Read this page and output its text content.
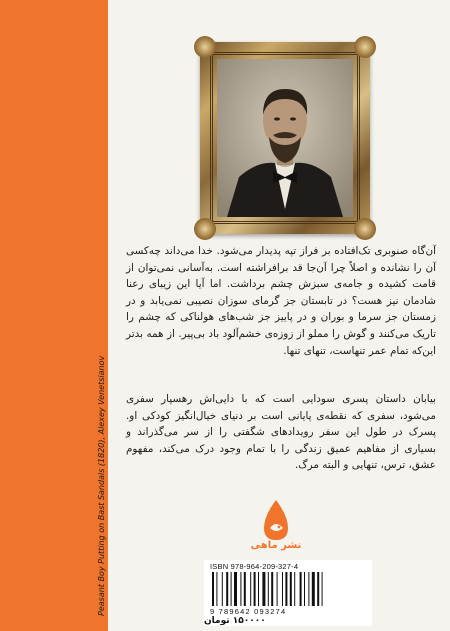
Peasant Boy Putting on Bast Sandals (1820), Alexey Venetsianov

آن‌گاه صنوبری تک‌افتاده بر فراز تپه پدیدار می‌شود. خدا می‌داند چه‌کسی آن را نشانده و اصلاً چرا آن‌جا قد برافراشته است. به‌آسانی نمی‌توان از قامت کشیده و جامه‌ی سبزش چشم برداشت. اما آیا این زیبای رعنا شادمان نیز هست؟ در تابستان جز گرمای سوزان نصیبی نمی‌یابد و در زمستان جز سرما و بوران و در پاییز جز شب‌های هولناکی که چشم را تاریک می‌کنند و گوش را مملو از زوزه‌ی خشم‌آلود باد بی‌پیر. از همه بدتر این‌که تمام عمر تنهاست، تنهای تنها.

بیابان داستان پسری سودایی است که با دایی‌اش رهسپار سفری می‌شود، سفری که نقطه‌ی پایانی است بر دنیای خیال‌انگیز کودکی او. پسرک در طول این سفر رویدادهای شگفتی را از سر می‌گذراند و بسیاری از مفاهیم عمیق زندگی را با تمام وجود درک می‌کند، مفهوم عشق، ترس، تنهایی و البته مرگ.

نشر ماهی
ISBN 978-964-209-327-4
9 789642 093274
۱۵۰۰۰۰ تومان
